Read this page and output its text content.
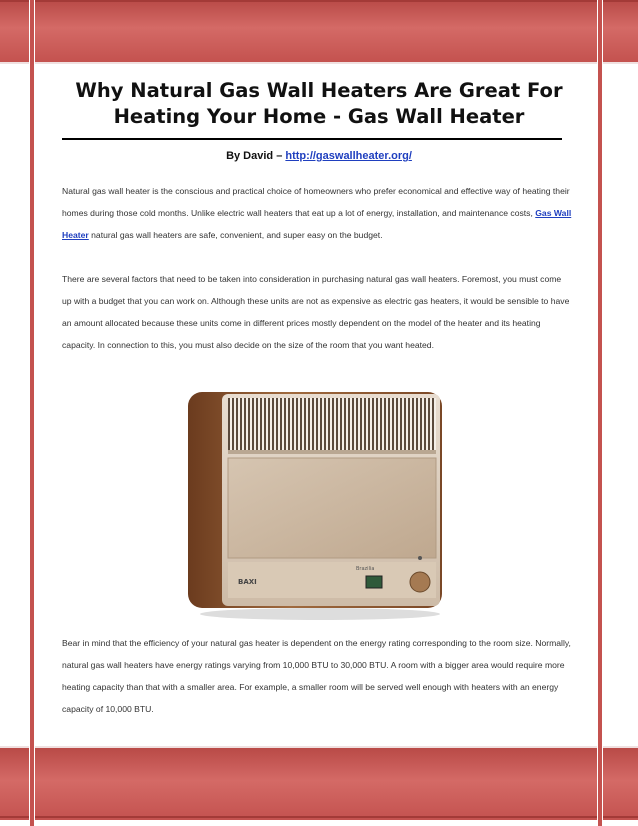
Why Natural Gas Wall Heaters Are Great For Heating Your Home - Gas Wall Heater
By David – http://gaswallheater.org/

Natural gas wall heater is the conscious and practical choice of homeowners who prefer economical and effective way of heating their homes during those cold months. Unlike electric wall heaters that eat up a lot of energy, installation, and maintenance costs, Gas Wall Heater natural gas wall heaters are safe, convenient, and super easy on the budget.

There are several factors that need to be taken into consideration in purchasing natural gas wall heaters. Foremost, you must come up with a budget that you can work on. Although these units are not as expensive as electric gas heaters, it would be sensible to have an amount allocated because these units come in different prices mostly dependent on the model of the heater and its heating capacity. In connection to this, you must also decide on the size of the room that you want heated.

BAXI
Brazilia

Bear in mind that the efficiency of your natural gas heater is dependent on the energy rating corresponding to the room size. Normally, natural gas wall heaters have energy ratings varying from 10,000 BTU to 30,000 BTU. A room with a bigger area would require more heating capacity than that with a smaller area. For example, a smaller room will be served well enough with heaters with an energy capacity of 10,000 BTU.
